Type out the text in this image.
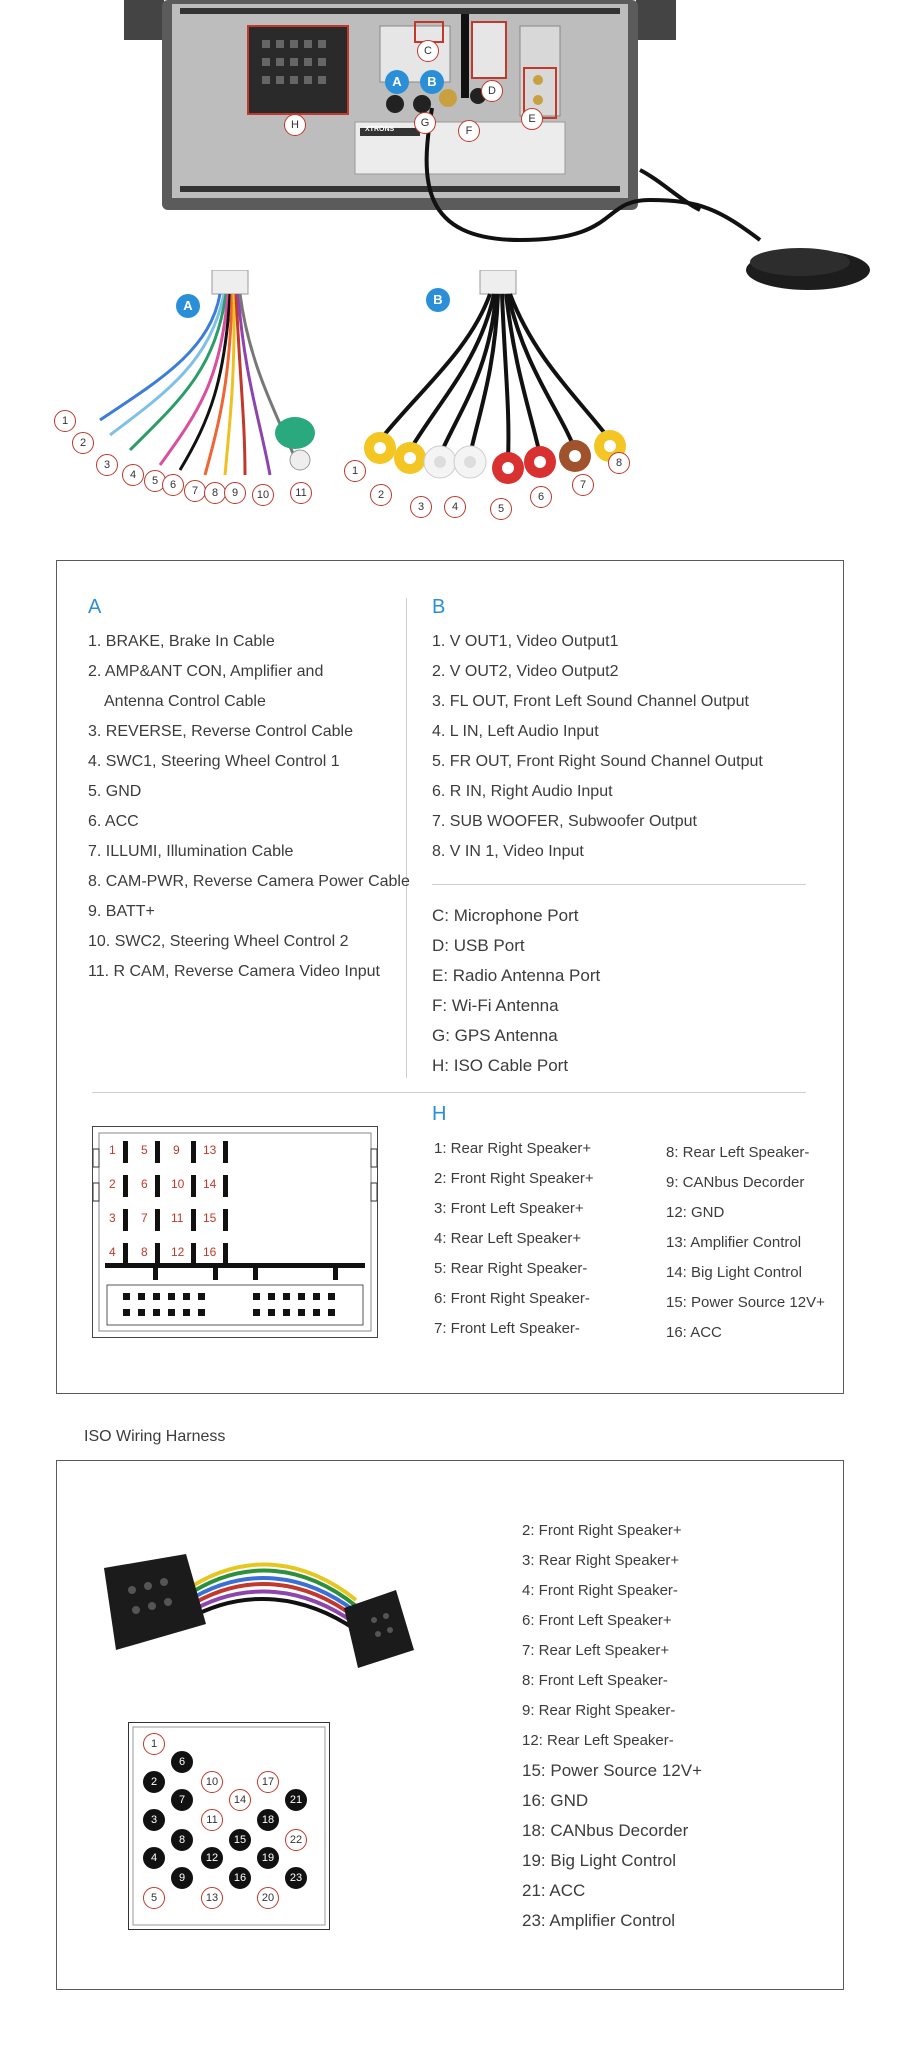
XTRONS
C
A	B
D
E
F
G
H
A
1
2
3
4	5	6	7	8	9	10	11
B
1
2
3	4	5
6
7
8
A
1. BRAKE, Brake In Cable
2. AMP&ANT CON, Amplifier and
Antenna Control Cable
3. REVERSE, Reverse Control Cable
4. SWC1, Steering Wheel Control 1
5. GND
6. ACC
7. ILLUMI, Illumination Cable
8. CAM-PWR, Reverse Camera Power Cable
9. BATT+
10. SWC2, Steering Wheel Control 2
11. R CAM, Reverse Camera Video Input
B
1. V OUT1, Video Output1
2. V OUT2, Video Output2
3. FL OUT, Front Left Sound Channel Output
4. L IN, Left Audio Input
5. FR OUT, Front Right Sound Channel Output
6. R IN, Right Audio Input
7. SUB WOOFER, Subwoofer Output
8. V IN 1, Video Input
C: Microphone Port
D: USB Port
E: Radio Antenna Port
F: Wi-Fi Antenna
G: GPS Antenna
H: ISO Cable Port
H
1: Rear Right Speaker+
2: Front Right Speaker+
3: Front Left Speaker+
4: Rear Left Speaker+
5: Rear Right Speaker-
6: Front Right Speaker-
7: Front Left Speaker-
8: Rear Left Speaker-
9: CANbus Decorder
12: GND
13: Amplifier Control
14: Big Light Control
15: Power Source 12V+
16: ACC
1
2
3
4
5
6
7
8
9
10
11
12
13
14
15
16
ISO Wiring Harness
1
2
3
4
5
6
7
8
9
10
11
12
13
14
15
16
17
18
19
20
21
22
23
2: Front Right Speaker+
3: Rear Right Speaker+
4: Front Right Speaker-
6: Front Left Speaker+
7: Rear Left Speaker+
8: Front Left Speaker-
9: Rear Right Speaker-
12: Rear Left Speaker-
15: Power Source 12V+
16: GND
18: CANbus Decorder
19: Big Light Control
21: ACC
23: Amplifier Control
